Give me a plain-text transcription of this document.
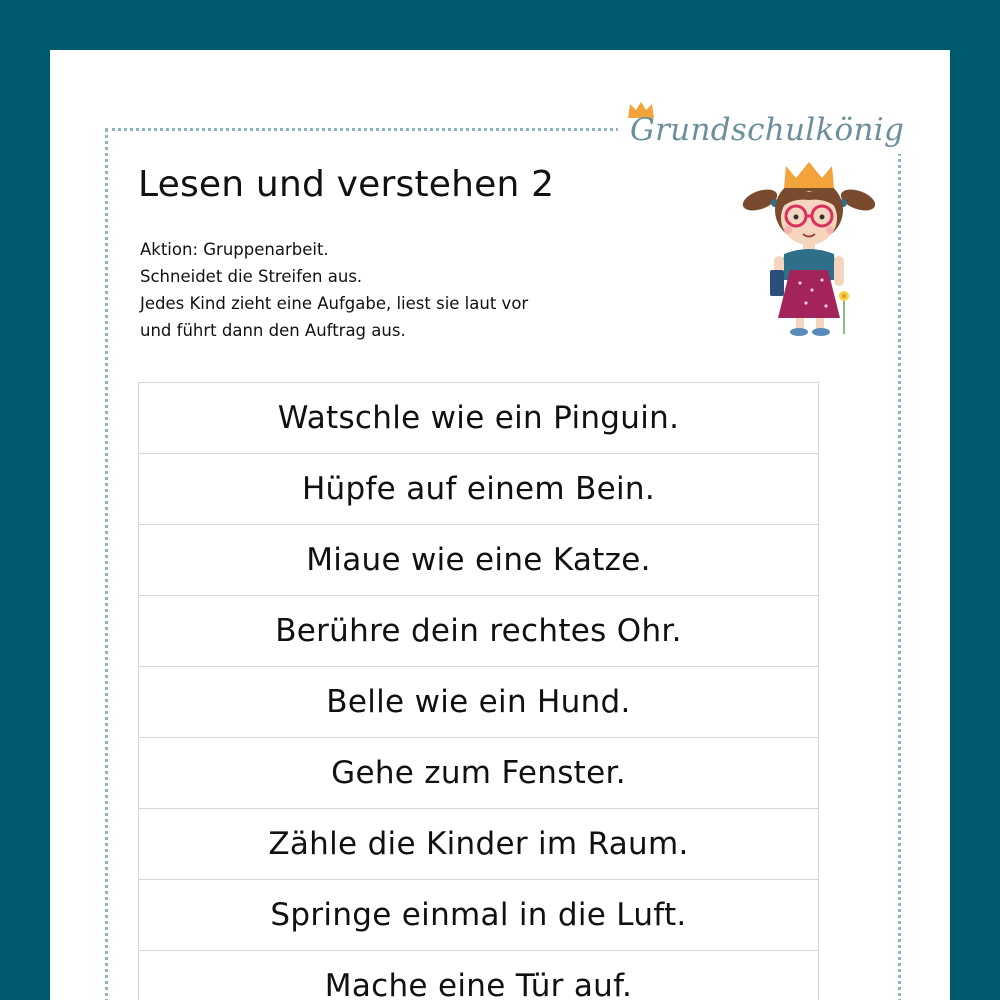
Grundschulkönig
Lesen und verstehen 2
Aktion: Gruppenarbeit.
Schneidet die Streifen aus.
Jedes Kind zieht eine Aufgabe, liest sie laut vor
und führt dann den Auftrag aus.
Watschle wie ein Pinguin.
Hüpfe auf einem Bein.
Miaue wie eine Katze.
Berühre dein rechtes Ohr.
Belle wie ein Hund.
Gehe zum Fenster.
Zähle die Kinder im Raum.
Springe einmal in die Luft.
Mache eine Tür auf.
